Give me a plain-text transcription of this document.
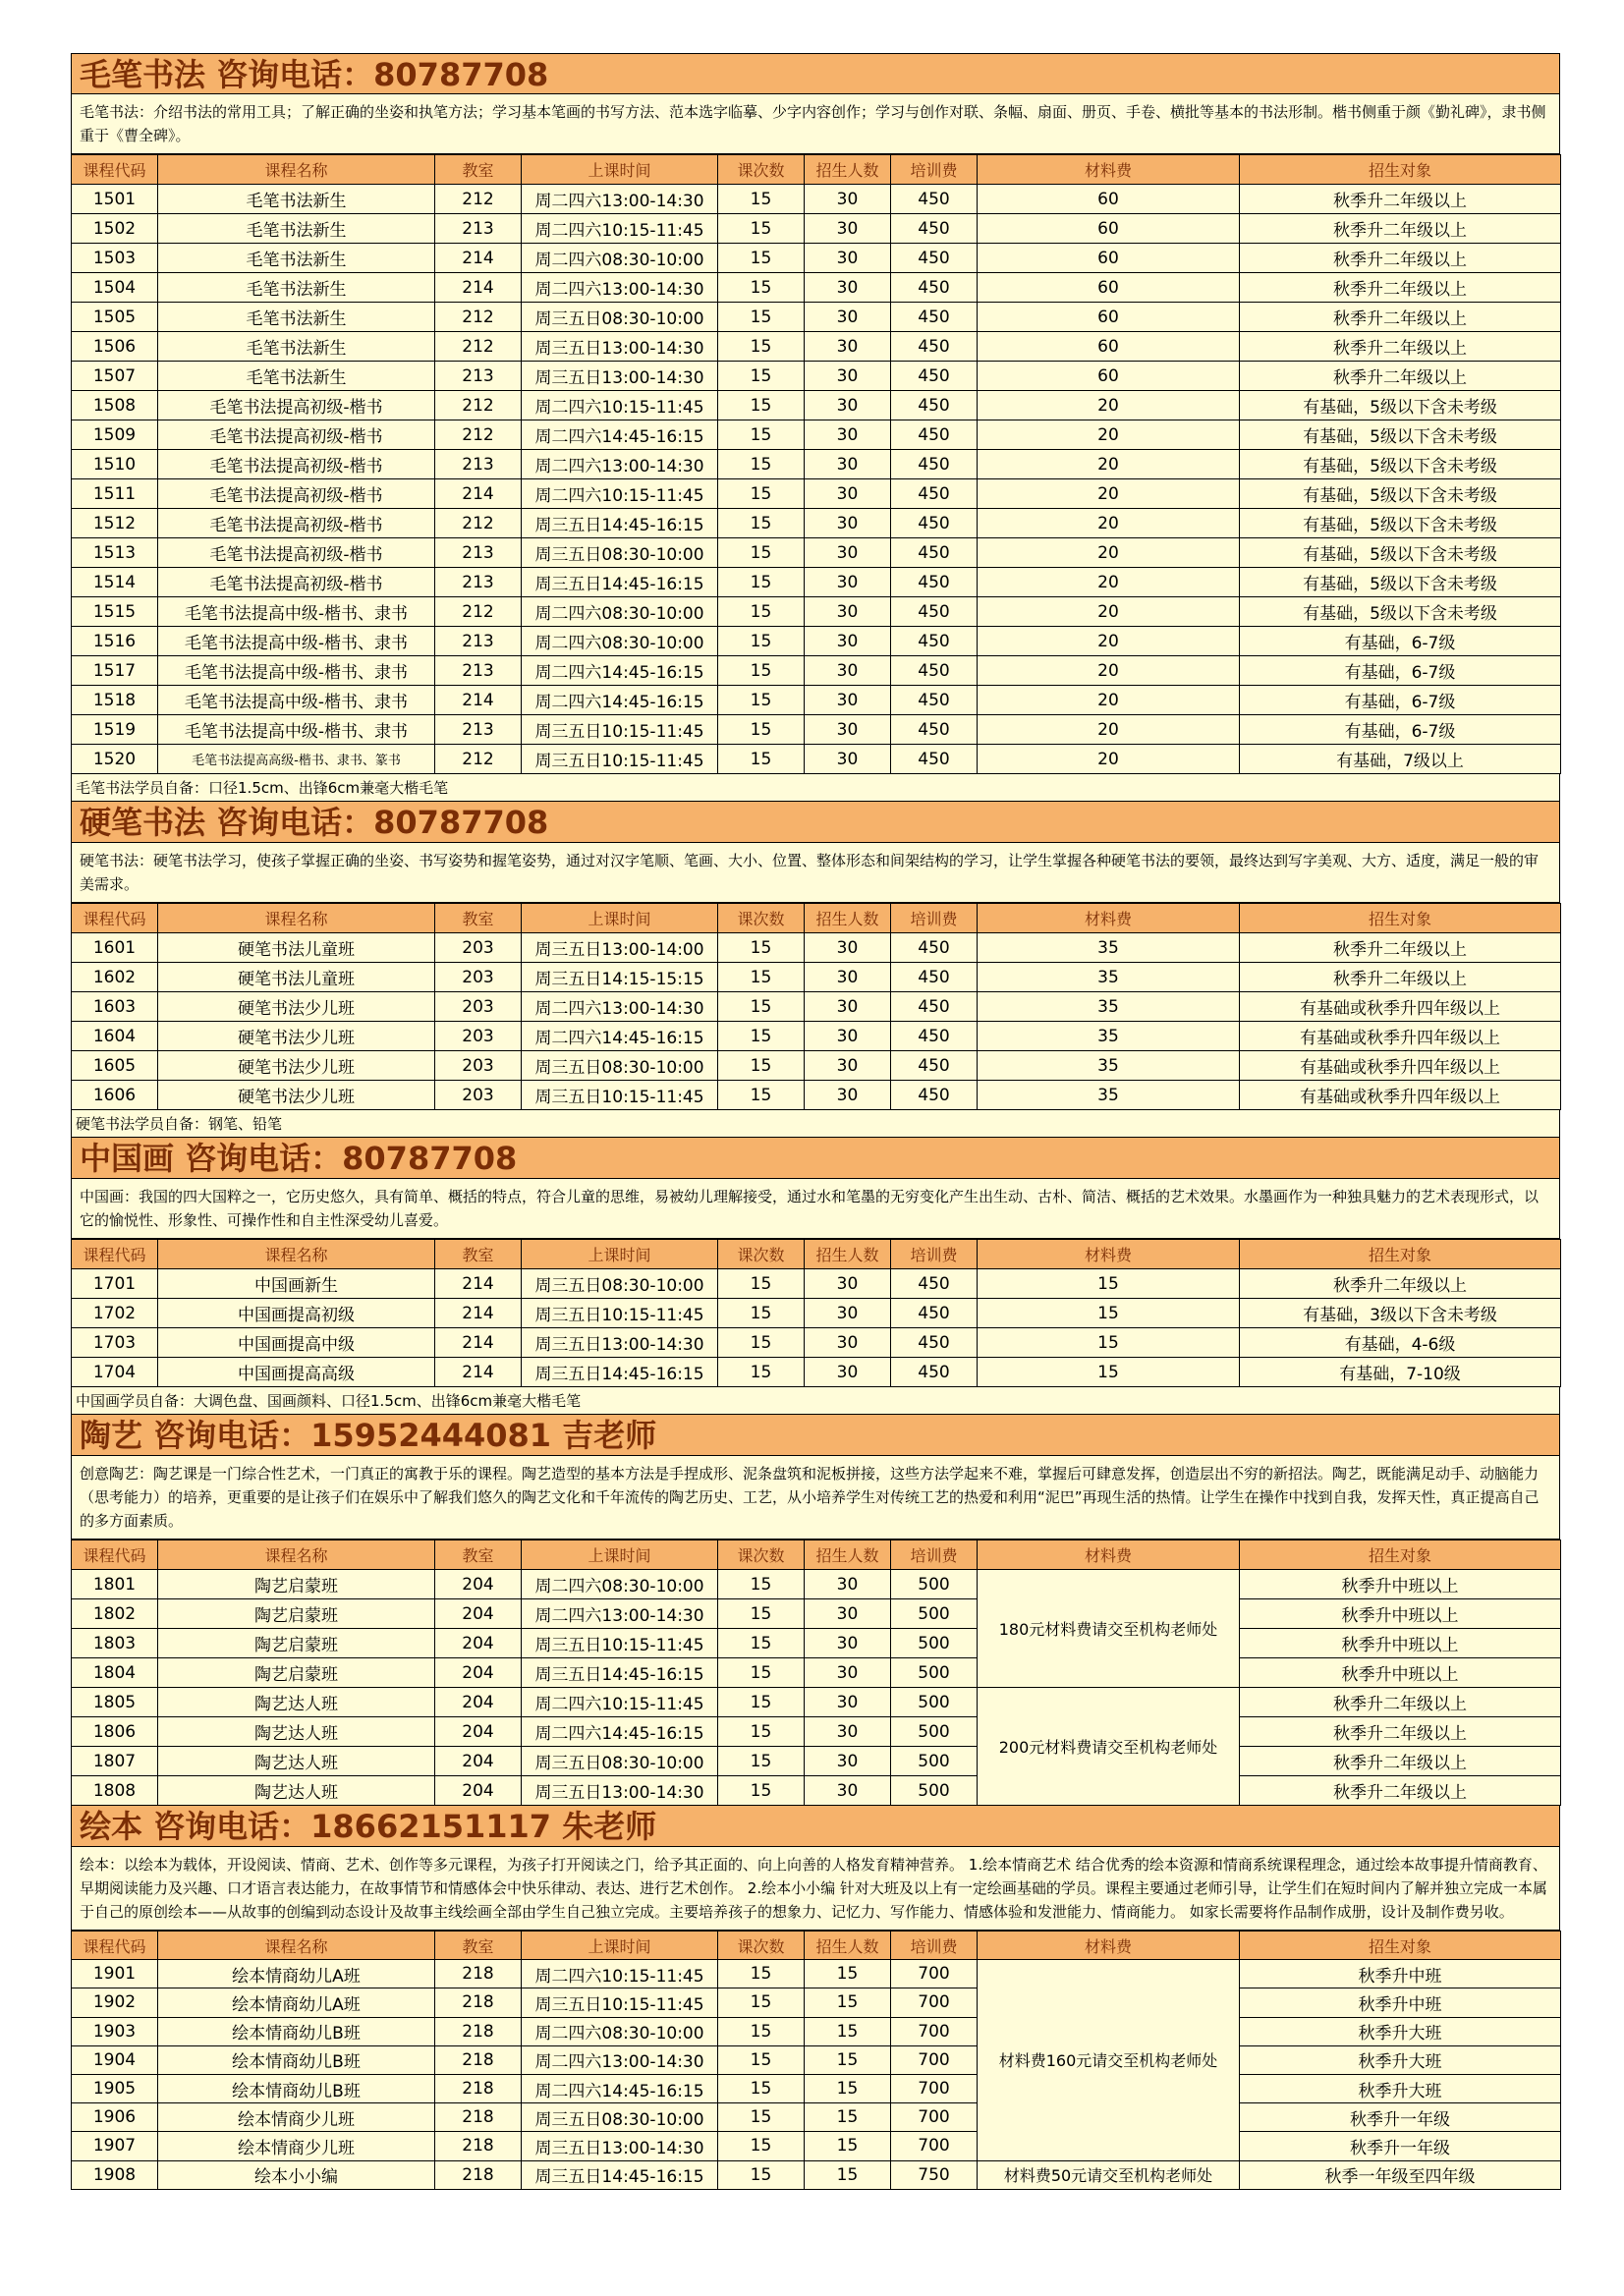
毛笔书法 咨询电话：80787708
毛笔书法：介绍书法的常用工具；了解正确的坐姿和执笔方法；学习基本笔画的书写方法、范本选字临摹、少字内容创作；学习与创作对联、条幅、扇面、册页、手卷、横批等基本的书法形制。楷书侧重于颜《勤礼碑》，隶书侧重于《曹全碑》。
课程代码	课程名称	教室	上课时间	课次数	招生人数	培训费	材料费	招生对象
1501	毛笔书法新生	212	周二四六13:00-14:30	15	30	450	60	秋季升二年级以上
1502	毛笔书法新生	213	周二四六10:15-11:45	15	30	450	60	秋季升二年级以上
1503	毛笔书法新生	214	周二四六08:30-10:00	15	30	450	60	秋季升二年级以上
1504	毛笔书法新生	214	周二四六13:00-14:30	15	30	450	60	秋季升二年级以上
1505	毛笔书法新生	212	周三五日08:30-10:00	15	30	450	60	秋季升二年级以上
1506	毛笔书法新生	212	周三五日13:00-14:30	15	30	450	60	秋季升二年级以上
1507	毛笔书法新生	213	周三五日13:00-14:30	15	30	450	60	秋季升二年级以上
1508	毛笔书法提高初级-楷书	212	周二四六10:15-11:45	15	30	450	20	有基础，5级以下含未考级
1509	毛笔书法提高初级-楷书	212	周二四六14:45-16:15	15	30	450	20	有基础，5级以下含未考级
1510	毛笔书法提高初级-楷书	213	周二四六13:00-14:30	15	30	450	20	有基础，5级以下含未考级
1511	毛笔书法提高初级-楷书	214	周二四六10:15-11:45	15	30	450	20	有基础，5级以下含未考级
1512	毛笔书法提高初级-楷书	212	周三五日14:45-16:15	15	30	450	20	有基础，5级以下含未考级
1513	毛笔书法提高初级-楷书	213	周三五日08:30-10:00	15	30	450	20	有基础，5级以下含未考级
1514	毛笔书法提高初级-楷书	213	周三五日14:45-16:15	15	30	450	20	有基础，5级以下含未考级
1515	毛笔书法提高中级-楷书、隶书	212	周二四六08:30-10:00	15	30	450	20	有基础，5级以下含未考级
1516	毛笔书法提高中级-楷书、隶书	213	周二四六08:30-10:00	15	30	450	20	有基础，6-7级
1517	毛笔书法提高中级-楷书、隶书	213	周二四六14:45-16:15	15	30	450	20	有基础，6-7级
1518	毛笔书法提高中级-楷书、隶书	214	周二四六14:45-16:15	15	30	450	20	有基础，6-7级
1519	毛笔书法提高中级-楷书、隶书	213	周三五日10:15-11:45	15	30	450	20	有基础，6-7级
1520	毛笔书法提高高级-楷书、隶书、篆书	212	周三五日10:15-11:45	15	30	450	20	有基础，7级以上
毛笔书法学员自备：口径1.5cm、出锋6cm兼毫大楷毛笔
硬笔书法 咨询电话：80787708
硬笔书法：硬笔书法学习，使孩子掌握正确的坐姿、书写姿势和握笔姿势，通过对汉字笔顺、笔画、大小、位置、整体形态和间架结构的学习，让学生掌握各种硬笔书法的要领，最终达到写字美观、大方、适度，满足一般的审美需求。
课程代码	课程名称	教室	上课时间	课次数	招生人数	培训费	材料费	招生对象
1601	硬笔书法儿童班	203	周三五日13:00-14:00	15	30	450	35	秋季升二年级以上
1602	硬笔书法儿童班	203	周三五日14:15-15:15	15	30	450	35	秋季升二年级以上
1603	硬笔书法少儿班	203	周二四六13:00-14:30	15	30	450	35	有基础或秋季升四年级以上
1604	硬笔书法少儿班	203	周二四六14:45-16:15	15	30	450	35	有基础或秋季升四年级以上
1605	硬笔书法少儿班	203	周三五日08:30-10:00	15	30	450	35	有基础或秋季升四年级以上
1606	硬笔书法少儿班	203	周三五日10:15-11:45	15	30	450	35	有基础或秋季升四年级以上
硬笔书法学员自备：钢笔、铅笔
中国画 咨询电话：80787708
中国画：我国的四大国粹之一，它历史悠久，具有简单、概括的特点，符合儿童的思维，易被幼儿理解接受，通过水和笔墨的无穷变化产生出生动、古朴、简洁、概括的艺术效果。水墨画作为一种独具魅力的艺术表现形式，以它的愉悦性、形象性、可操作性和自主性深受幼儿喜爱。
课程代码	课程名称	教室	上课时间	课次数	招生人数	培训费	材料费	招生对象
1701	中国画新生	214	周三五日08:30-10:00	15	30	450	15	秋季升二年级以上
1702	中国画提高初级	214	周三五日10:15-11:45	15	30	450	15	有基础，3级以下含未考级
1703	中国画提高中级	214	周三五日13:00-14:30	15	30	450	15	有基础，4-6级
1704	中国画提高高级	214	周三五日14:45-16:15	15	30	450	15	有基础，7-10级
中国画学员自备：大调色盘、国画颜料、口径1.5cm、出锋6cm兼毫大楷毛笔
陶艺 咨询电话：15952444081 吉老师
创意陶艺：陶艺课是一门综合性艺术，一门真正的寓教于乐的课程。陶艺造型的基本方法是手捏成形、泥条盘筑和泥板拼接，这些方法学起来不难，掌握后可肆意发挥，创造层出不穷的新招法。陶艺，既能满足动手、动脑能力（思考能力）的培养，更重要的是让孩子们在娱乐中了解我们悠久的陶艺文化和千年流传的陶艺历史、工艺，从小培养学生对传统工艺的热爱和利用“泥巴”再现生活的热情。让学生在操作中找到自我，发挥天性，真正提高自己的多方面素质。
课程代码	课程名称	教室	上课时间	课次数	招生人数	培训费	材料费	招生对象
1801	陶艺启蒙班	204	周二四六08:30-10:00	15	30	500	180元材料费请交至机构老师处	秋季升中班以上
1802	陶艺启蒙班	204	周二四六13:00-14:30	15	30	500		秋季升中班以上
1803	陶艺启蒙班	204	周三五日10:15-11:45	15	30	500		秋季升中班以上
1804	陶艺启蒙班	204	周三五日14:45-16:15	15	30	500		秋季升中班以上
1805	陶艺达人班	204	周二四六10:15-11:45	15	30	500	200元材料费请交至机构老师处	秋季升二年级以上
1806	陶艺达人班	204	周二四六14:45-16:15	15	30	500		秋季升二年级以上
1807	陶艺达人班	204	周三五日08:30-10:00	15	30	500		秋季升二年级以上
1808	陶艺达人班	204	周三五日13:00-14:30	15	30	500		秋季升二年级以上
绘本 咨询电话：18662151117 朱老师
绘本：以绘本为载体，开设阅读、情商、艺术、创作等多元课程，为孩子打开阅读之门，给予其正面的、向上向善的人格发育精神营养。 1.绘本情商艺术 结合优秀的绘本资源和情商系统课程理念，通过绘本故事提升情商教育、早期阅读能力及兴趣、口才语言表达能力，在故事情节和情感体会中快乐律动、表达、进行艺术创作。 2.绘本小小编 针对大班及以上有一定绘画基础的学员。课程主要通过老师引导，让学生们在短时间内了解并独立完成一本属于自己的原创绘本——从故事的创编到动态设计及故事主线绘画全部由学生自己独立完成。主要培养孩子的想象力、记忆力、写作能力、情感体验和发泄能力、情商能力。 如家长需要将作品制作成册，设计及制作费另收。
课程代码	课程名称	教室	上课时间	课次数	招生人数	培训费	材料费	招生对象
1901	绘本情商幼儿A班	218	周二四六10:15-11:45	15	15	700	材料费160元请交至机构老师处	秋季升中班
1902	绘本情商幼儿A班	218	周三五日10:15-11:45	15	15	700		秋季升中班
1903	绘本情商幼儿B班	218	周二四六08:30-10:00	15	15	700		秋季升大班
1904	绘本情商幼儿B班	218	周二四六13:00-14:30	15	15	700		秋季升大班
1905	绘本情商幼儿B班	218	周二四六14:45-16:15	15	15	700		秋季升大班
1906	绘本情商少儿班	218	周三五日08:30-10:00	15	15	700		秋季升一年级
1907	绘本情商少儿班	218	周三五日13:00-14:30	15	15	700		秋季升一年级
1908	绘本小小编	218	周三五日14:45-16:15	15	15	750	材料费50元请交至机构老师处	秋季一年级至四年级
